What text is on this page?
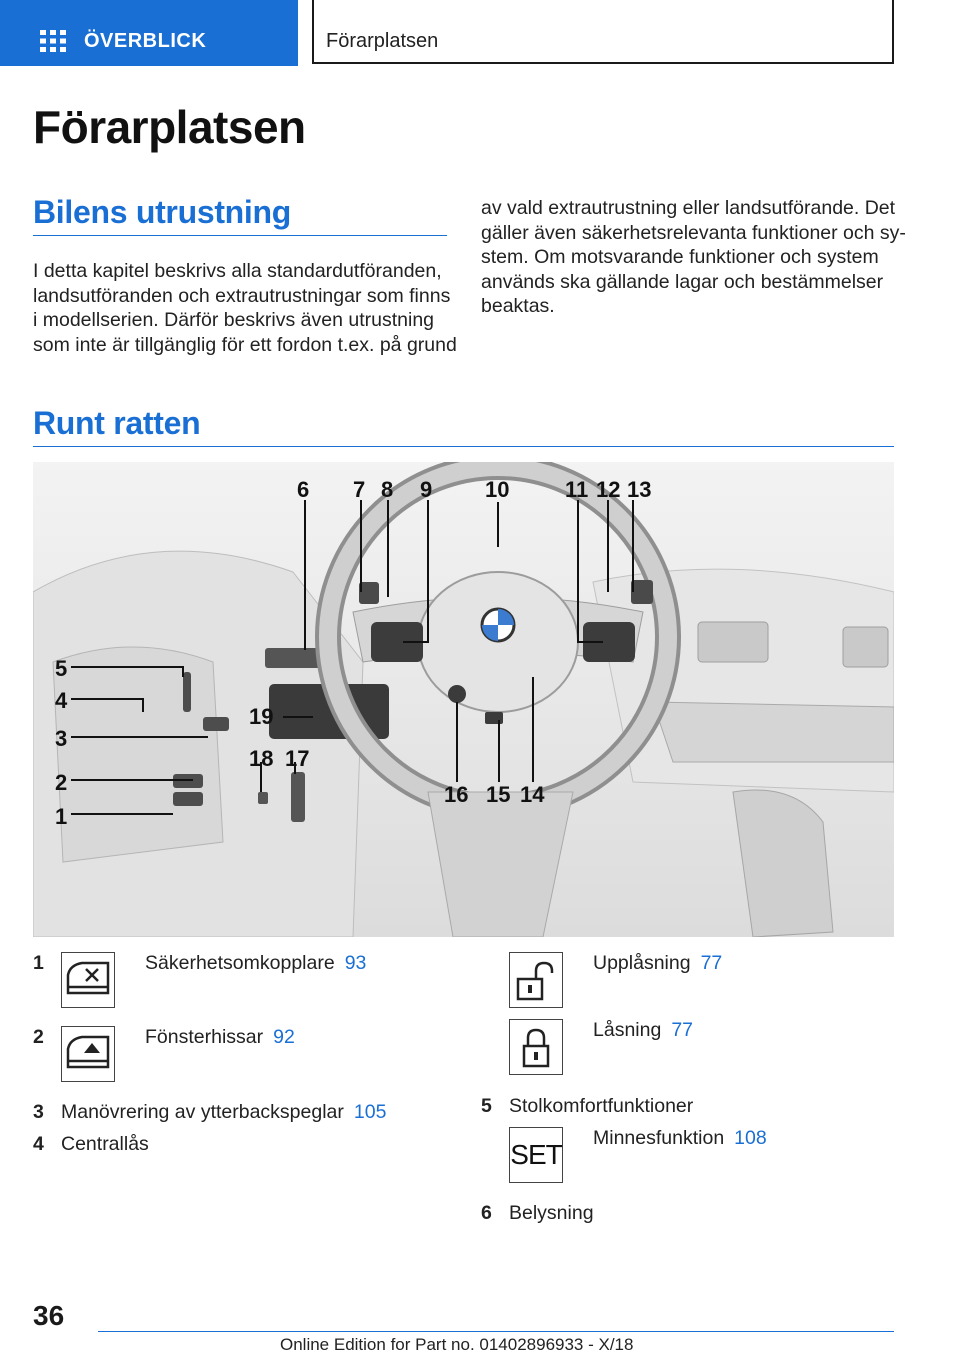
ÖVERBLICK	Förarplatsen
Förarplatsen
Bilens utrustning
I detta kapitel beskrivs alla standardutföranden,
landsutföranden och extrautrustningar som finns
i modellserien. Därför beskrivs även utrustning
som inte är tillgänglig för ett fordon t.ex. på grund
av vald extrautrustning eller landsutförande. Det
gäller även säkerhetsrelevanta funktioner och sy‐
stem. Om motsvarande funktioner och system
används ska gällande lagar och bestämmelser
beaktas.
Runt ratten
1
2
3
4
5
6 7 8 9 10	11 12 13
14
15
16
17
18
19
1	Säkerhetsomkopplare 93
2	Fönsterhissar 92
3 Manövrering av ytterbackspeglar 105
4 Centrallås
Upplåsning 77
Låsning 77
5 Stolkomfortfunktioner
SET
Minnesfunktion 108
6 Belysning
36
Online Edition for Part no. 01402896933 - X/18
